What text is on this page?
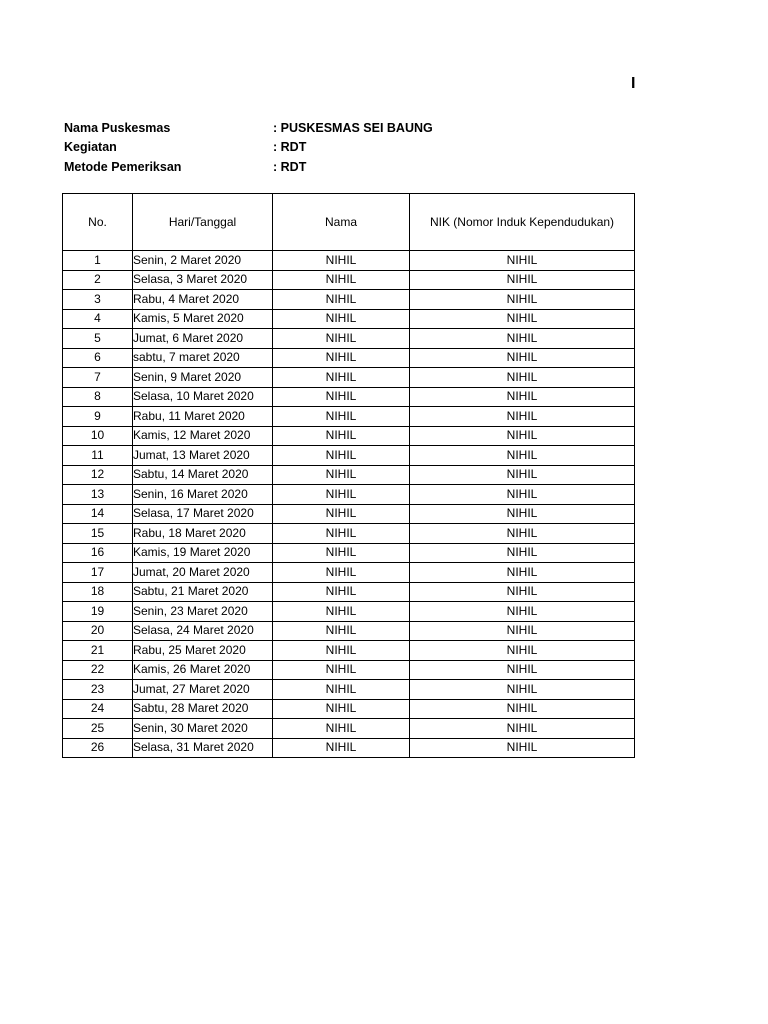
I
Nama Puskesmas	: PUSKESMAS SEI BAUNG
Kegiatan	: RDT
Metode Pemeriksan	: RDT
No.	Hari/Tanggal	Nama	NIK (Nomor Induk Kependudukan)
1	Senin, 2 Maret 2020	NIHIL	NIHIL
2	Selasa, 3 Maret 2020	NIHIL	NIHIL
3	Rabu, 4 Maret 2020	NIHIL	NIHIL
4	Kamis, 5 Maret 2020	NIHIL	NIHIL
5	Jumat, 6 Maret 2020	NIHIL	NIHIL
6	sabtu, 7 maret 2020	NIHIL	NIHIL
7	Senin, 9 Maret 2020	NIHIL	NIHIL
8	Selasa, 10 Maret 2020	NIHIL	NIHIL
9	Rabu, 11 Maret 2020	NIHIL	NIHIL
10	Kamis, 12 Maret 2020	NIHIL	NIHIL
11	Jumat, 13 Maret 2020	NIHIL	NIHIL
12	Sabtu, 14 Maret 2020	NIHIL	NIHIL
13	Senin, 16 Maret 2020	NIHIL	NIHIL
14	Selasa, 17 Maret 2020	NIHIL	NIHIL
15	Rabu, 18 Maret 2020	NIHIL	NIHIL
16	Kamis, 19 Maret 2020	NIHIL	NIHIL
17	Jumat, 20 Maret 2020	NIHIL	NIHIL
18	Sabtu, 21 Maret 2020	NIHIL	NIHIL
19	Senin, 23 Maret 2020	NIHIL	NIHIL
20	Selasa, 24 Maret 2020	NIHIL	NIHIL
21	Rabu, 25 Maret 2020	NIHIL	NIHIL
22	Kamis, 26 Maret 2020	NIHIL	NIHIL
23	Jumat, 27 Maret 2020	NIHIL	NIHIL
24	Sabtu, 28 Maret 2020	NIHIL	NIHIL
25	Senin, 30 Maret 2020	NIHIL	NIHIL
26	Selasa, 31 Maret 2020	NIHIL	NIHIL
